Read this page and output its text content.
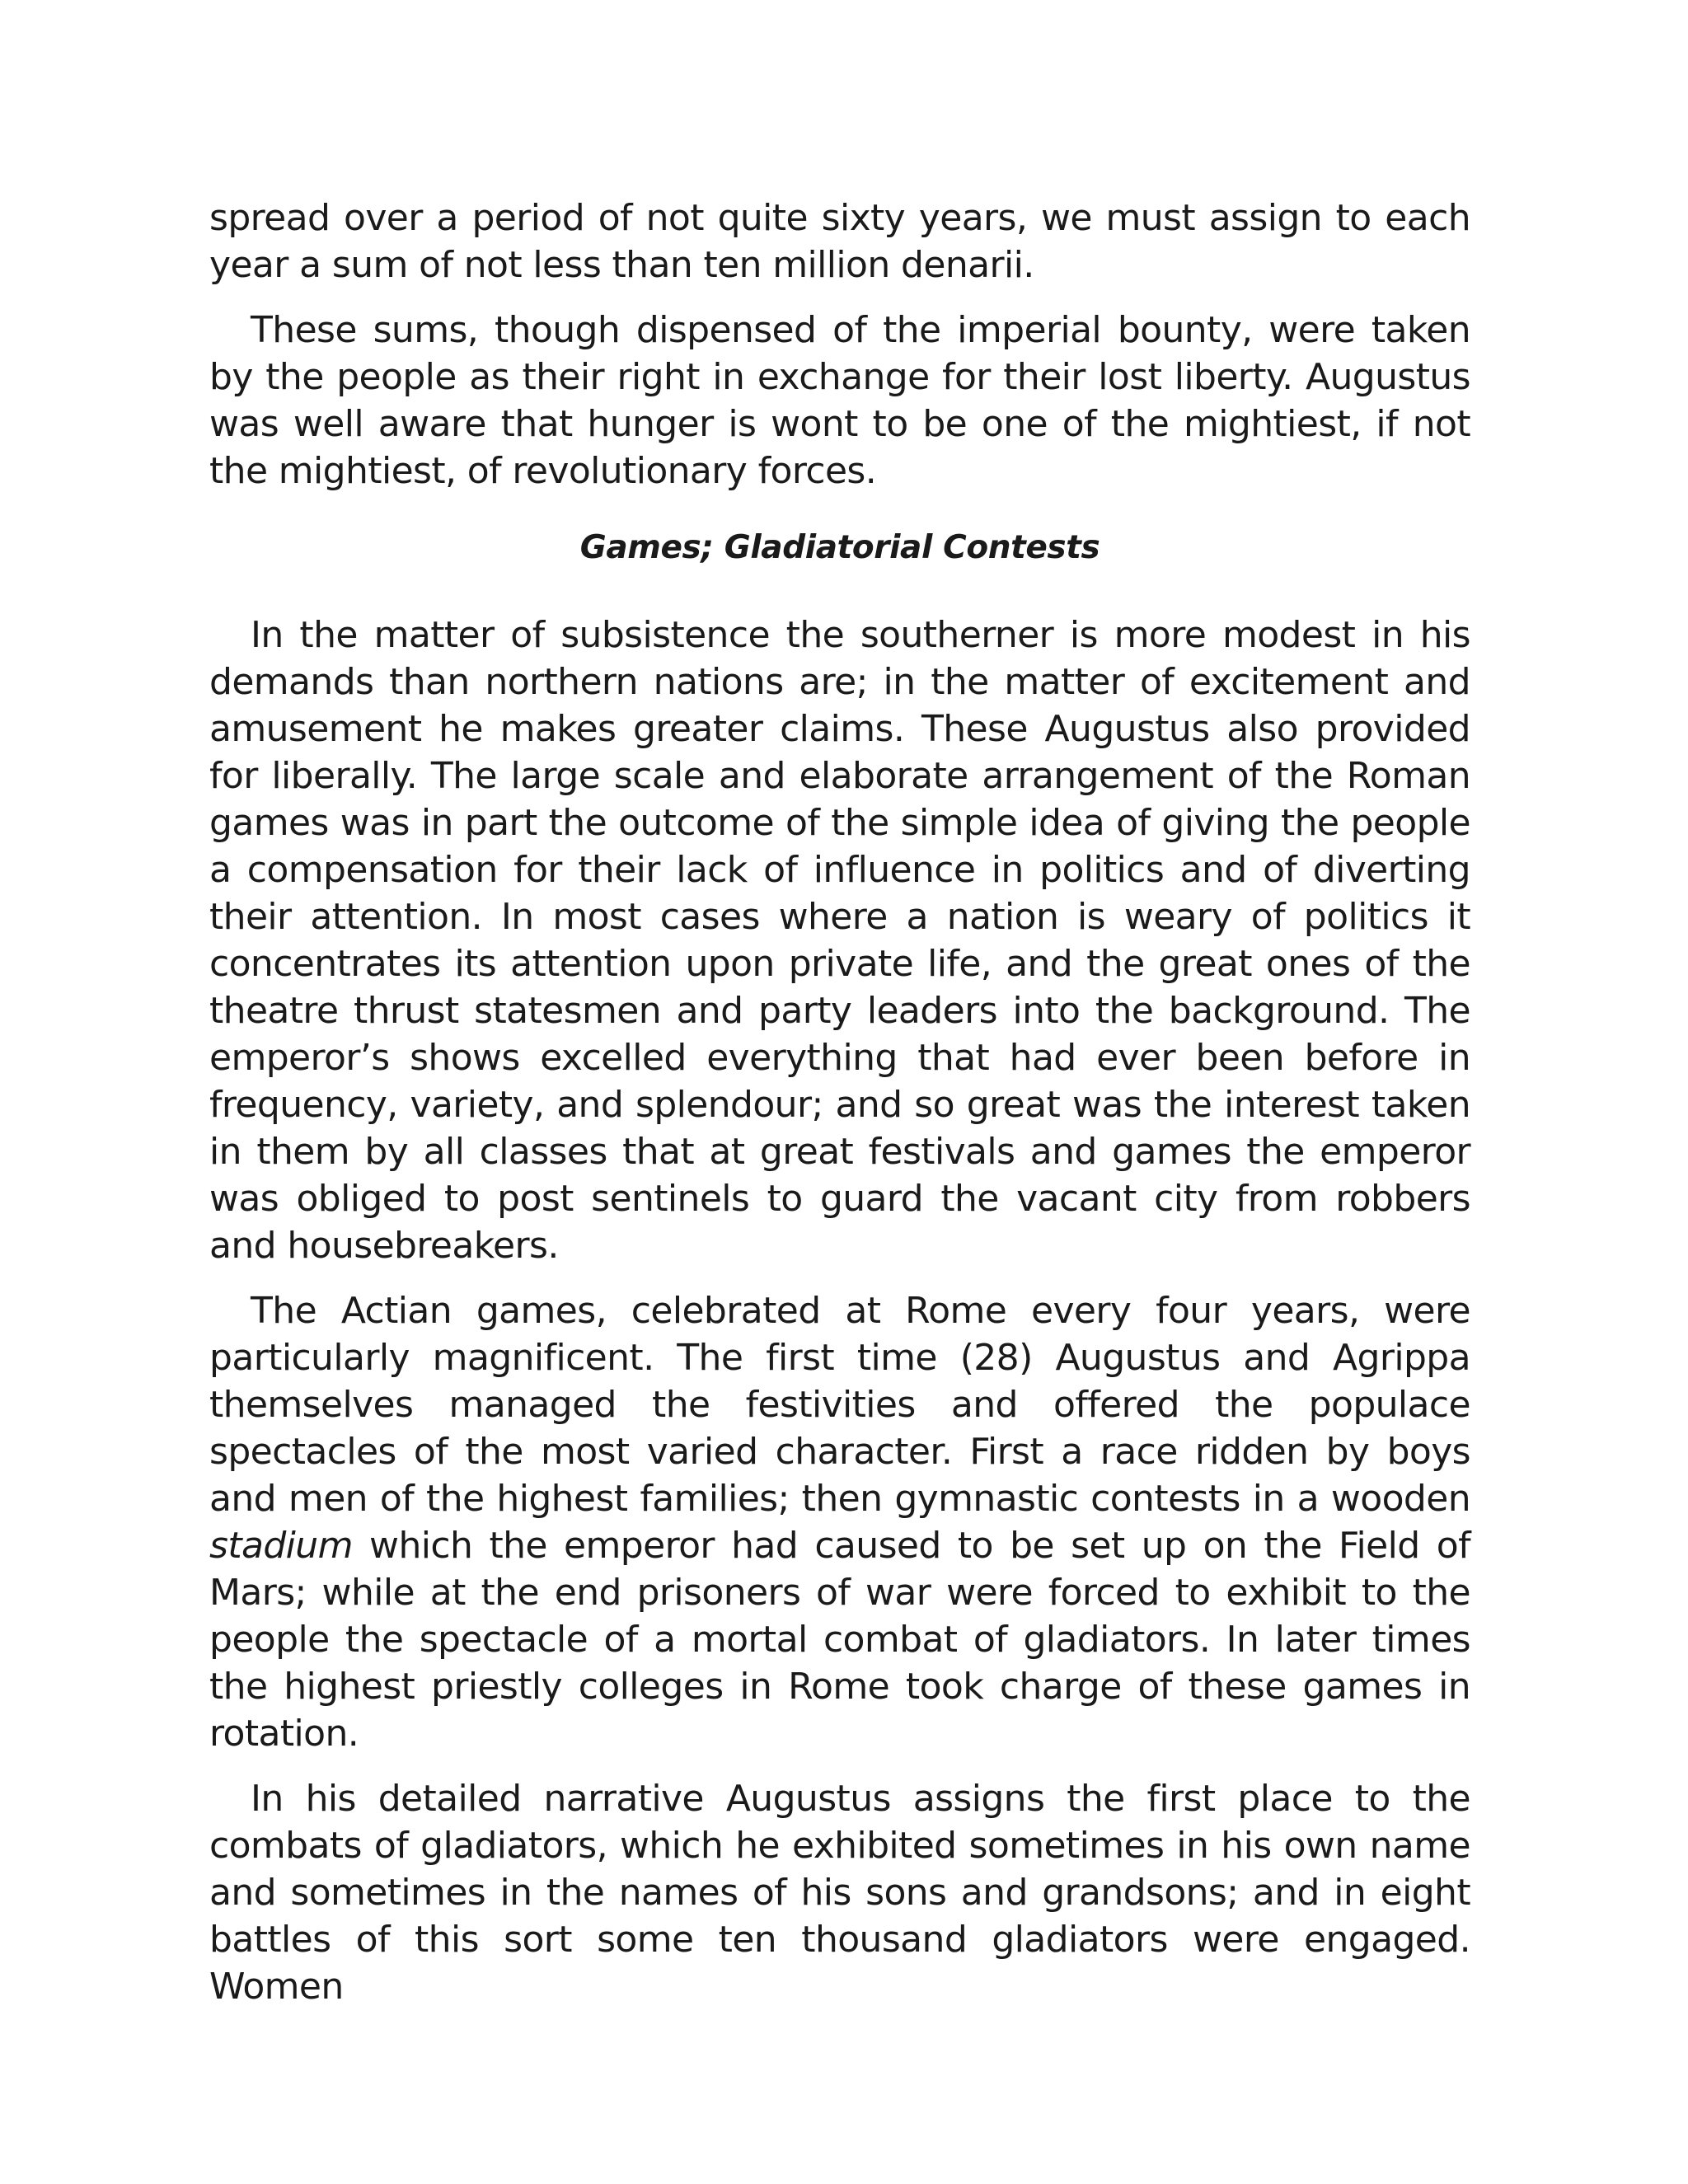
spread over a period of not quite sixty years, we must assign to each year a sum of not less than ten million denarii.

These sums, though dispensed of the imperial bounty, were taken by the people as their right in exchange for their lost liberty. Augustus was well aware that hunger is wont to be one of the mightiest, if not the mightiest, of revolutionary forces.

Games; Gladiatorial Contests

In the matter of subsistence the southerner is more modest in his demands than northern nations are; in the matter of excitement and amusement he makes greater claims. These Augustus also provided for liberally. The large scale and elaborate arrangement of the Roman games was in part the outcome of the simple idea of giving the people a compensation for their lack of influence in politics and of diverting their attention. In most cases where a nation is weary of politics it concentrates its attention upon private life, and the great ones of the theatre thrust statesmen and party leaders into the background. The emperor’s shows excelled everything that had ever been before in frequency, variety, and splendour; and so great was the interest taken in them by all classes that at great festivals and games the emperor was obliged to post sentinels to guard the vacant city from robbers and housebreakers.

The Actian games, celebrated at Rome every four years, were particularly magnificent. The first time (28) Augustus and Agrippa themselves managed the festivities and offered the populace spectacles of the most varied character. First a race ridden by boys and men of the highest families; then gymnastic contests in a wooden stadium which the emperor had caused to be set up on the Field of Mars; while at the end prisoners of war were forced to exhibit to the people the spectacle of a mortal combat of gladiators. In later times the highest priestly colleges in Rome took charge of these games in rotation.

In his detailed narrative Augustus assigns the first place to the combats of gladiators, which he exhibited sometimes in his own name and sometimes in the names of his sons and grandsons; and in eight battles of this sort some ten thousand gladiators were engaged. Women
